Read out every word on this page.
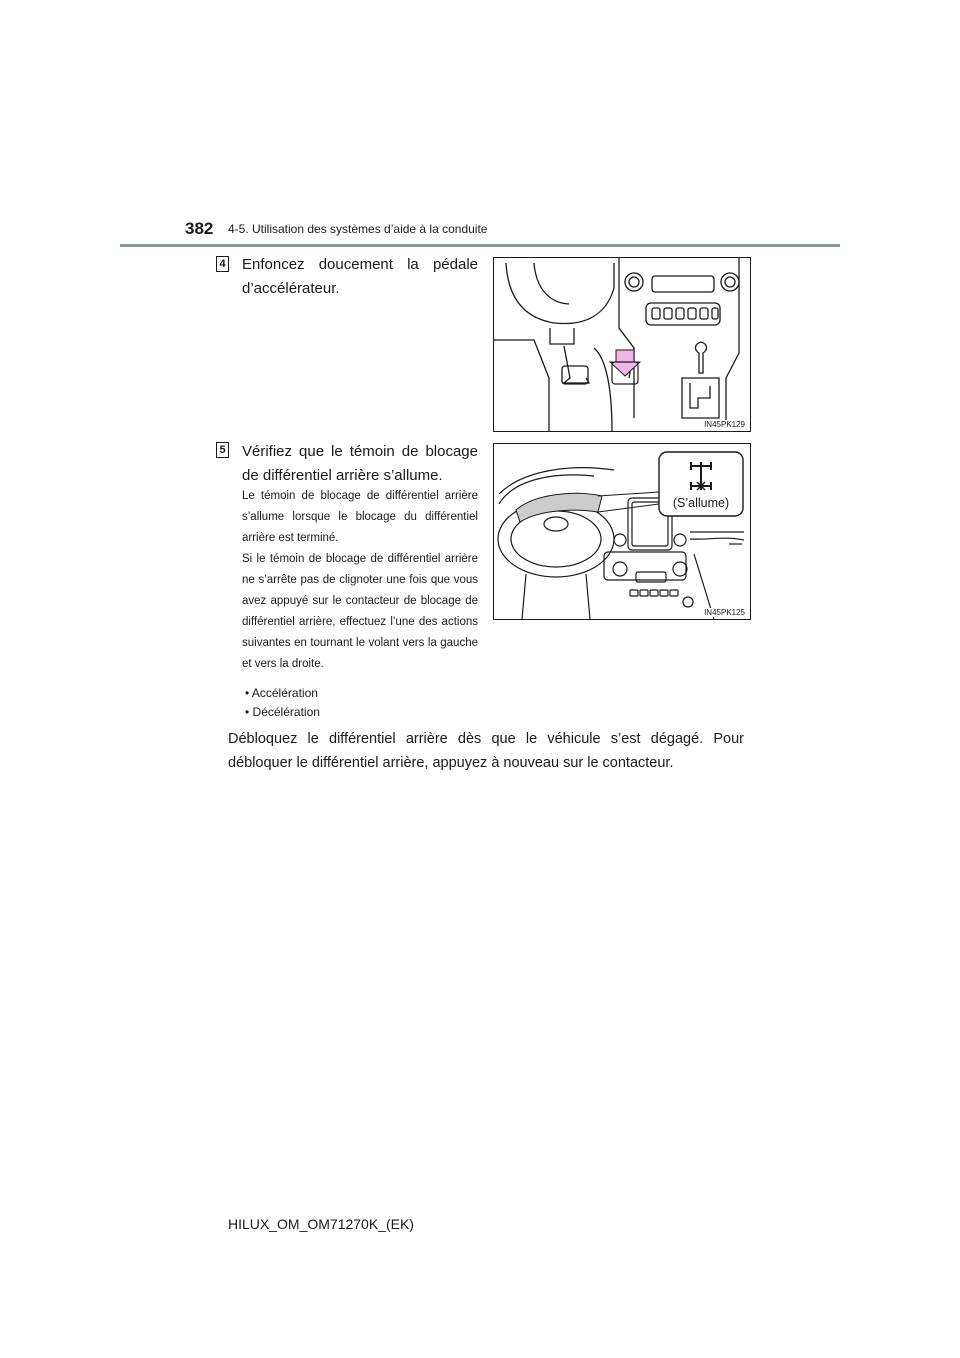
382 4-5. Utilisation des systèmes d’aide à la conduite
4 Enfoncez doucement la pédale d’accélérateur.
IN45PK129
5 Vérifiez que le témoin de blocage de différentiel arrière s’allume.
Le témoin de blocage de différentiel arrière s’allume lorsque le blocage du différentiel arrière est terminé.
Si le témoin de blocage de différentiel arrière ne s’arrête pas de clignoter une fois que vous avez appuyé sur le contacteur de blocage de différentiel arrière, effectuez l’une des actions suivantes en tournant le volant vers la gauche et vers la droite.
• Accélération
• Décélération
(S’allume)
IN45PK125
Débloquez le différentiel arrière dès que le véhicule s’est dégagé. Pour débloquer le différentiel arrière, appuyez à nouveau sur le contacteur.
HILUX_OM_OM71270K_(EK)
